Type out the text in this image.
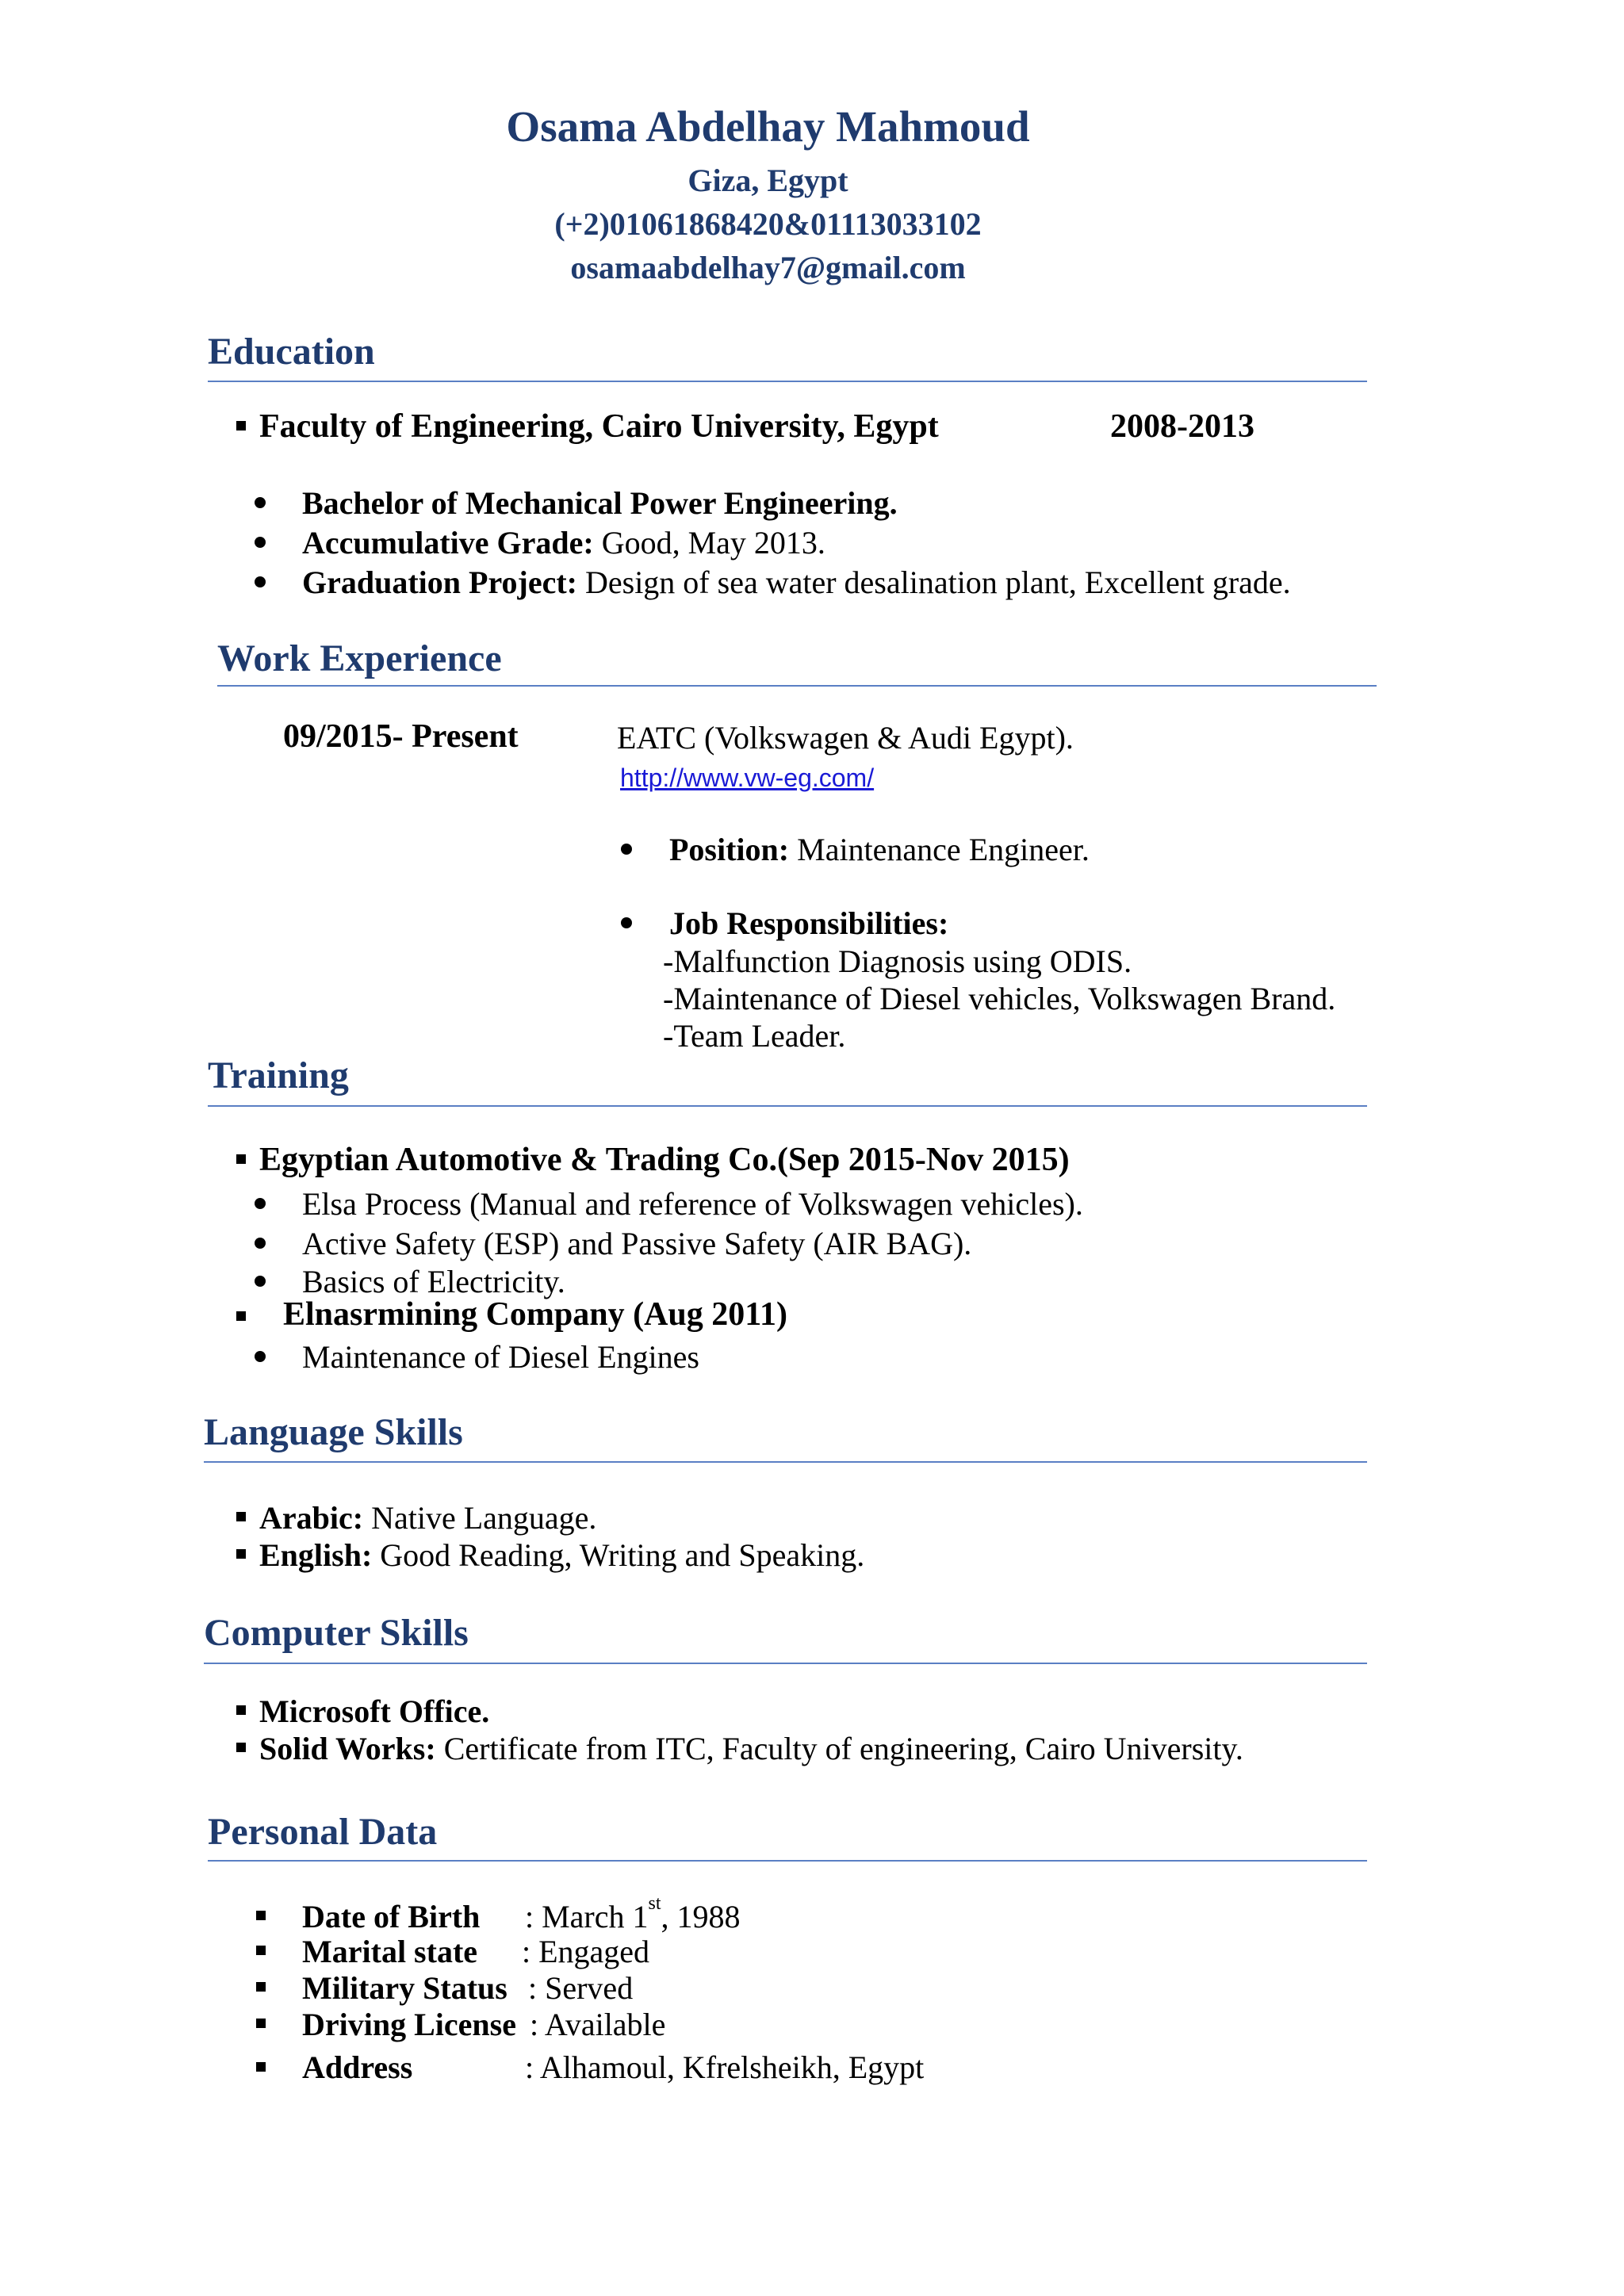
Osama Abdelhay Mahmoud
Giza, Egypt
(+2)01061868420&01113033102
osamaabdelhay7@gmail.com
Education
Faculty of Engineering, Cairo University, Egypt	2008-2013
Bachelor of Mechanical Power Engineering.
Accumulative Grade: Good, May 2013.
Graduation Project: Design of sea water desalination plant, Excellent grade.
Work Experience
09/2015- Present	EATC (Volkswagen & Audi Egypt).
http://www.vw-eg.com/
Position: Maintenance Engineer.
Job Responsibilities:
-Malfunction Diagnosis using ODIS.
-Maintenance of Diesel vehicles, Volkswagen Brand.
-Team Leader.
Training
Egyptian Automotive & Trading Co.(Sep 2015-Nov 2015)
Elsa Process (Manual and reference of Volkswagen vehicles).
Active Safety (ESP) and Passive Safety (AIR BAG).
Basics of Electricity.
Elnasrmining Company (Aug 2011)
Maintenance of Diesel Engines
Language Skills
Arabic: Native Language.
English: Good Reading, Writing and Speaking.
Computer Skills
Microsoft Office.
Solid Works: Certificate from ITC, Faculty of engineering, Cairo University.
Personal Data
Date of Birth : March 1st, 1988
Marital state : Engaged
Military Status : Served
Driving License : Available
Address	: Alhamoul, Kfrelsheikh, Egypt
